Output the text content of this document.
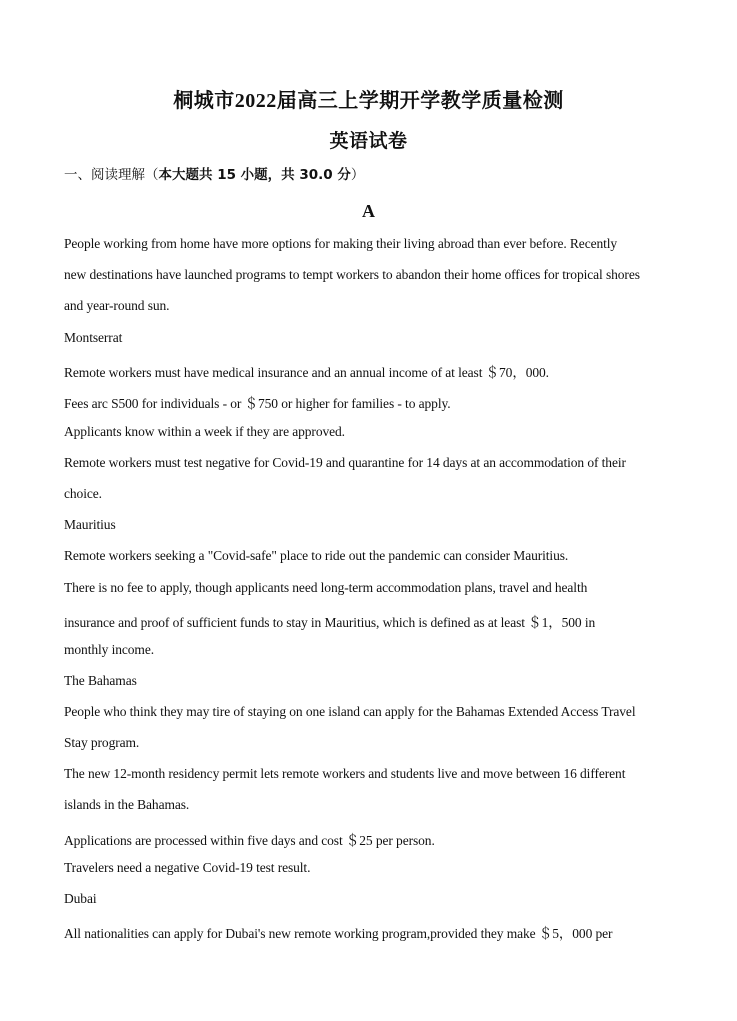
桐城市2022届高三上学期开学教学质量检测
英语试卷
一、阅读理解（本大题共 15 小题，共 30.0 分）
A
People working from home have more options for making their living abroad than ever before. Recently
new destinations have launched programs to tempt workers to abandon their home offices for tropical shores
and year-round sun.
Montserrat
Remote workers must have medical insurance and an annual income of at least ＄70，000.
Fees arc S500 for individuals - or ＄750 or higher for families - to apply.
Applicants know within a week if they are approved.
Remote workers must test negative for Covid-19 and quarantine for 14 days at an accommodation of their
choice.
Mauritius
Remote workers seeking a "Covid-safe" place to ride out the pandemic can consider Mauritius.
There is no fee to apply, though applicants need long-term accommodation plans, travel and health
insurance and proof of sufficient funds to stay in Mauritius, which is defined as at least ＄1，500 in
monthly income.
The Bahamas
People who think they may tire of staying on one island can apply for the Bahamas Extended Access Travel
Stay program.
The new 12-month residency permit lets remote workers and students live and move between 16 different
islands in the Bahamas.
Applications are processed within five days and cost ＄25 per person.
Travelers need a negative Covid-19 test result.
Dubai
All nationalities can apply for Dubai's new remote working program,provided they make ＄5，000 per
